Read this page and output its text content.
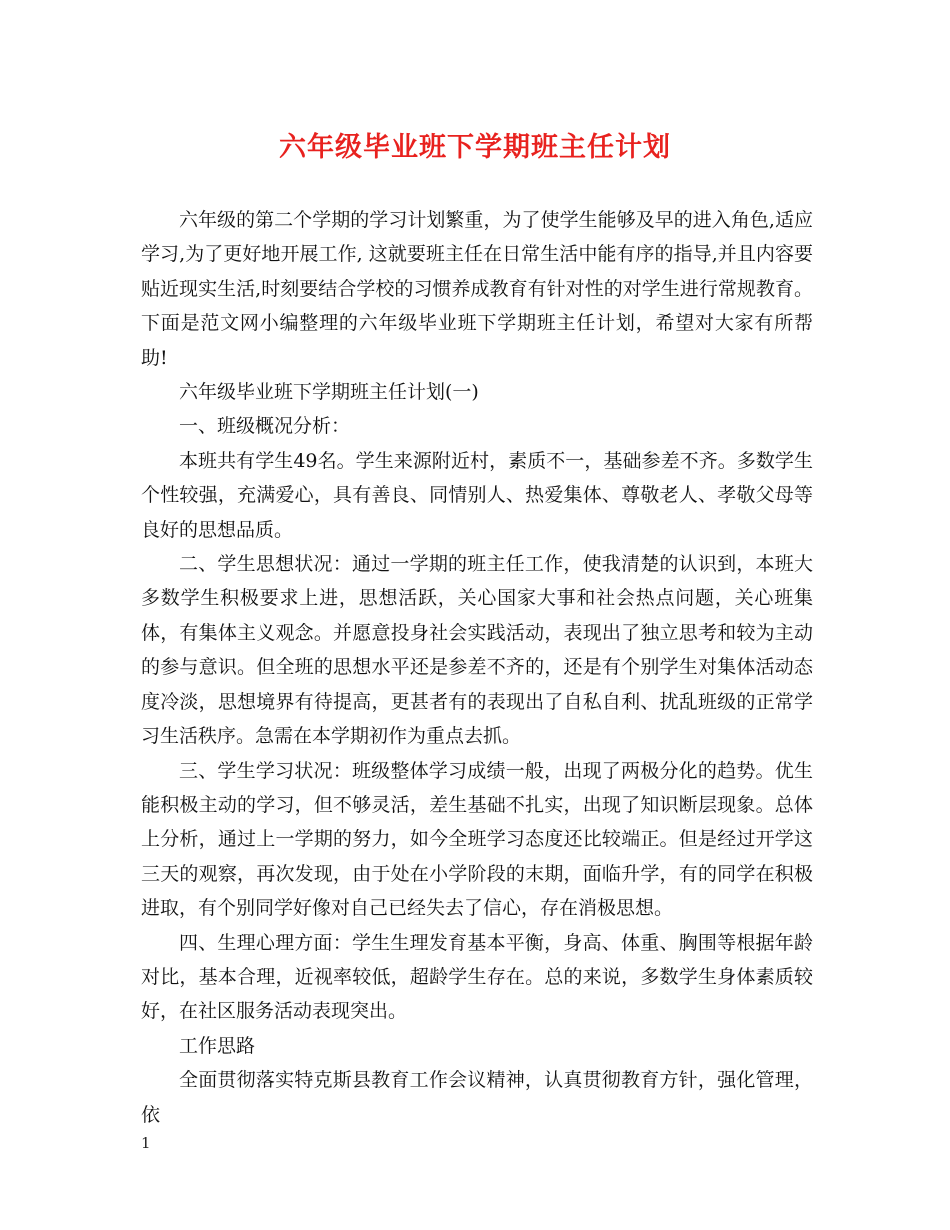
六年级毕业班下学期班主任计划

六年级的第二个学期的学习计划繁重，为了使学生能够及早的进入角色,适应学习,为了更好地开展工作, 这就要班主任在日常生活中能有序的指导,并且内容要贴近现实生活,时刻要结合学校的习惯养成教育有针对性的对学生进行常规教育。下面是范文网小编整理的六年级毕业班下学期班主任计划，希望对大家有所帮助!

六年级毕业班下学期班主任计划(一)

一、班级概况分析：

本班共有学生49名。学生来源附近村，素质不一，基础参差不齐。多数学生个性较强，充满爱心，具有善良、同情别人、热爱集体、尊敬老人、孝敬父母等良好的思想品质。

二、学生思想状况：通过一学期的班主任工作，使我清楚的认识到，本班大多数学生积极要求上进，思想活跃，关心国家大事和社会热点问题，关心班集体，有集体主义观念。并愿意投身社会实践活动，表现出了独立思考和较为主动的参与意识。但全班的思想水平还是参差不齐的，还是有个别学生对集体活动态度冷淡，思想境界有待提高，更甚者有的表现出了自私自利、扰乱班级的正常学习生活秩序。急需在本学期初作为重点去抓。

三、学生学习状况：班级整体学习成绩一般，出现了两极分化的趋势。优生能积极主动的学习，但不够灵活，差生基础不扎实，出现了知识断层现象。总体上分析，通过上一学期的努力，如今全班学习态度还比较端正。但是经过开学这三天的观察，再次发现，由于处在小学阶段的末期，面临升学，有的同学在积极进取，有个别同学好像对自己已经失去了信心，存在消极思想。

四、生理心理方面：学生生理发育基本平衡，身高、体重、胸围等根据年龄对比，基本合理，近视率较低，超龄学生存在。总的来说，多数学生身体素质较好，在社区服务活动表现突出。

工作思路

全面贯彻落实特克斯县教育工作会议精神，认真贯彻教育方针，强化管理，依

1
